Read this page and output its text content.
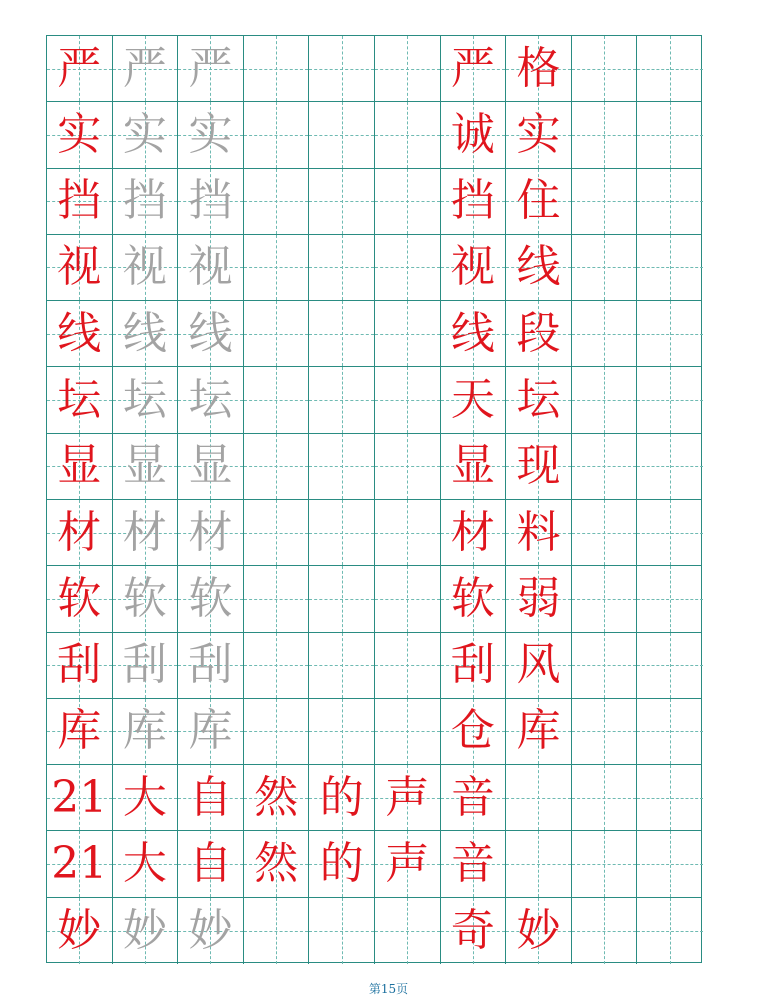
严 严 严	严 格
实 实 实	诚 实
挡 挡 挡	挡 住
视 视 视	视 线
线 线 线	线 段
坛 坛 坛	天 坛
显 显 显	显 现
材 材 材	材 料
软 软 软	软 弱
刮 刮 刮	刮 风
库 库 库	仓 库
21 大 自 然 的 声 音
21 大 自 然 的 声 音
妙 妙 妙	奇 妙
第15页
